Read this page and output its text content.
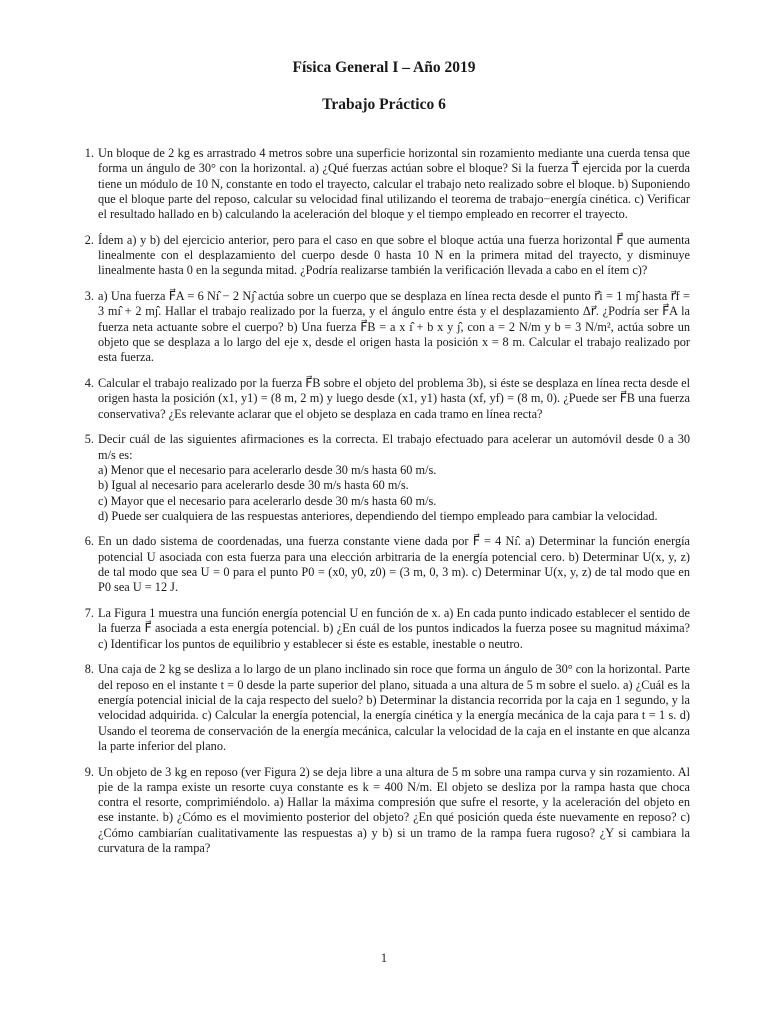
Física General I – Año 2019
Trabajo Práctico 6
1. Un bloque de 2 kg es arrastrado 4 metros sobre una superficie horizontal sin rozamiento mediante una cuerda tensa que forma un ángulo de 30° con la horizontal. a) ¿Qué fuerzas actúan sobre el bloque? Si la fuerza T⃗ ejercida por la cuerda tiene un módulo de 10 N, constante en todo el trayecto, calcular el trabajo neto realizado sobre el bloque. b) Suponiendo que el bloque parte del reposo, calcular su velocidad final utilizando el teorema de trabajo−energía cinética. c) Verificar el resultado hallado en b) calculando la aceleración del bloque y el tiempo empleado en recorrer el trayecto.
2. Ídem a) y b) del ejercicio anterior, pero para el caso en que sobre el bloque actúa una fuerza horizontal F⃗ que aumenta linealmente con el desplazamiento del cuerpo desde 0 hasta 10 N en la primera mitad del trayecto, y disminuye linealmente hasta 0 en la segunda mitad. ¿Podría realizarse también la verificación llevada a cabo en el ítem c)?
3. a) Una fuerza F⃗A = 6 Nı̂ − 2 Nȷ̂ actúa sobre un cuerpo que se desplaza en línea recta desde el punto r⃗i = 1 mȷ̂ hasta r⃗f = 3 mı̂ + 2 mȷ̂. Hallar el trabajo realizado por la fuerza, y el ángulo entre ésta y el desplazamiento Δr⃗. ¿Podría ser F⃗A la fuerza neta actuante sobre el cuerpo? b) Una fuerza F⃗B = a x ı̂ + b x y ȷ̂, con a = 2 N/m y b = 3 N/m², actúa sobre un objeto que se desplaza a lo largo del eje x, desde el origen hasta la posición x = 8 m. Calcular el trabajo realizado por esta fuerza.
4. Calcular el trabajo realizado por la fuerza F⃗B sobre el objeto del problema 3b), si éste se desplaza en línea recta desde el origen hasta la posición (x1, y1) = (8 m, 2 m) y luego desde (x1, y1) hasta (xf, yf) = (8 m, 0). ¿Puede ser F⃗B una fuerza conservativa? ¿Es relevante aclarar que el objeto se desplaza en cada tramo en línea recta?
5. Decir cuál de las siguientes afirmaciones es la correcta. El trabajo efectuado para acelerar un automóvil desde 0 a 30 m/s es:
a) Menor que el necesario para acelerarlo desde 30 m/s hasta 60 m/s.
b) Igual al necesario para acelerarlo desde 30 m/s hasta 60 m/s.
c) Mayor que el necesario para acelerarlo desde 30 m/s hasta 60 m/s.
d) Puede ser cualquiera de las respuestas anteriores, dependiendo del tiempo empleado para cambiar la velocidad.
6. En un dado sistema de coordenadas, una fuerza constante viene dada por F⃗ = 4 Nı̂. a) Determinar la función energía potencial U asociada con esta fuerza para una elección arbitraria de la energía potencial cero. b) Determinar U(x, y, z) de tal modo que sea U = 0 para el punto P0 = (x0, y0, z0) = (3 m, 0, 3 m). c) Determinar U(x, y, z) de tal modo que en P0 sea U = 12 J.
7. La Figura 1 muestra una función energía potencial U en función de x. a) En cada punto indicado establecer el sentido de la fuerza F⃗ asociada a esta energía potencial. b) ¿En cuál de los puntos indicados la fuerza posee su magnitud máxima? c) Identificar los puntos de equilibrio y establecer si éste es estable, inestable o neutro.
8. Una caja de 2 kg se desliza a lo largo de un plano inclinado sin roce que forma un ángulo de 30° con la horizontal. Parte del reposo en el instante t = 0 desde la parte superior del plano, situada a una altura de 5 m sobre el suelo. a) ¿Cuál es la energía potencial inicial de la caja respecto del suelo? b) Determinar la distancia recorrida por la caja en 1 segundo, y la velocidad adquirida. c) Calcular la energía potencial, la energía cinética y la energía mecánica de la caja para t = 1 s. d) Usando el teorema de conservación de la energía mecánica, calcular la velocidad de la caja en el instante en que alcanza la parte inferior del plano.
9. Un objeto de 3 kg en reposo (ver Figura 2) se deja libre a una altura de 5 m sobre una rampa curva y sin rozamiento. Al pie de la rampa existe un resorte cuya constante es k = 400 N/m. El objeto se desliza por la rampa hasta que choca contra el resorte, comprimiéndolo. a) Hallar la máxima compresión que sufre el resorte, y la aceleración del objeto en ese instante. b) ¿Cómo es el movimiento posterior del objeto? ¿En qué posición queda éste nuevamente en reposo? c) ¿Cómo cambiarían cualitativamente las respuestas a) y b) si un tramo de la rampa fuera rugoso? ¿Y si cambiara la curvatura de la rampa?
1
